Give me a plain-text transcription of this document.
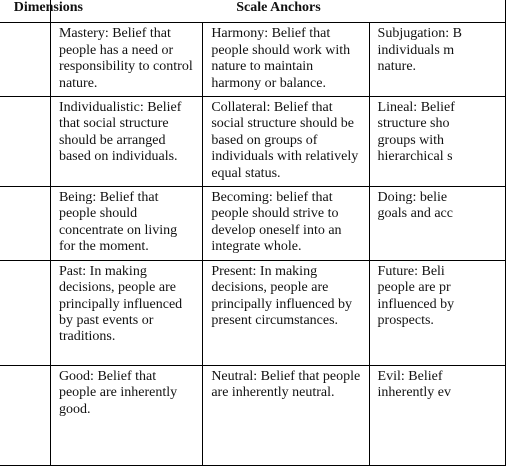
Dimensions	Scale Anchors		
	Mastery: Belief that people has a need or responsibility to control nature.	Harmony: Belief that people should work with nature to maintain harmony or balance.	Subjugation: B
individuals m
nature.
	Individualistic: Belief that social structure should be arranged based on individuals.	Collateral: Belief that social structure should be based on groups of individuals with relatively equal status.	Lineal: Belief
structure sho
groups with
hierarchical s
	Being: Belief that people should concentrate on living for the moment.	Becoming: belief that people should strive to develop oneself into an integrate whole.	Doing: belie
goals and acc
	Past: In making decisions, people are principally influenced by past events or traditions.	Present: In making decisions, people are principally influenced by present circumstances.	Future: Beli
people are pr
influenced by
prospects.
	Good: Belief that people are inherently good.	Neutral: Belief that people are inherently neutral.	Evil: Belief
inherently ev
